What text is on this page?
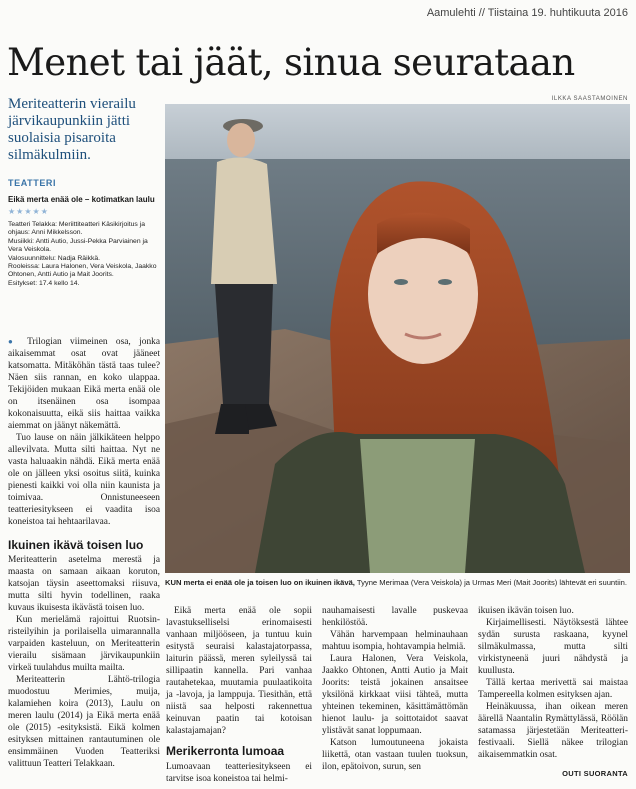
Aamulehti // Tiistaina 19. huhtikuuta 2016
Menet tai jäät, sinua seurataan
Meriteatterin vierailu järvikaupunkiin jätti suolaisia pisaroita silmäkulmiin.
ILKKA SAASTAMOINEN
KUN merta ei enää ole ja toisen luo on ikuinen ikävä, Tyyne Merimaa (Vera Veiskola) ja Urmas Meri (Mait Joorits) lähtevät eri suuntiin.
TEATTERI
Eikä merta enää ole – kotimatkan laulu
★★★★★
Teatteri Telakka: Meriittiteatteri Käsikirjoitus ja ohjaus: Anni Mikkelsson.
Musiikki: Antti Autio, Jussi-Pekka Parviainen ja Vera Veiskola.
Valosuunnittelu: Nadja Räikkä.
Rooleissa: Laura Halonen, Vera Veiskola, Jaakko Ohtonen, Antti Autio ja Mait Joorits.
Esitykset: 17.4 kello 14.

● Trilogian viimeinen osa, jonka aikaisemmat osat ovat jääneet katsomatta. Mitäköhän tästä taas tulee? Näen siis rannan, en koko ulappaa. Tekijöiden mukaan Eikä merta enää ole on itsenäinen osa isompaa kokonaisuutta, eikä siis haittaa vaikka aiemmat on jäänyt näkemättä.

Tuo lause on näin jälkikäteen helppo allevilvata. Mutta silti haittaa. Nyt ne vasta haluaakin nähdä. Eikä merta enää ole on jälleen yksi osoitus siitä, kuinka pienesti kaikki voi olla niin kaunista ja toimivaa. Onnistuneeseen teatteriesitykseen ei vaadita isoa koneistoa tai hehtaarilavaa.

Ikuinen ikävä toisen luo

Meriteatterin asetelma merestä ja maasta on samaan aikaan koruton, katsojan täysin aseettomaksi riisuva, mutta silti hyvin todellinen, raaka kuvaus ikuisesta ikävästä toisen luo.

Kun merielämä rajoittui Ruotsin-risteilyihin ja porilaisella uimarannalla varpaiden kasteluun, on Meriteatterin vierailu sisämaan järvikaupunkiin virkeä tuulahdus muilta mailta.

Meriteatterin Lähtö-trilogia muodostuu Merimies, muija, kalamiehen koira (2013), Laulu on meren laulu (2014) ja Eikä merta enää ole (2015) -esityksistä. Eikä kolmen esityksen mittainen rantautuminen ole ensimmäinen Vuoden Teatteriksi valittuun Teatteri Telakkaan.

Eikä merta enää ole sopii lavastukselliselsi erinomaisesti vanhaan miljööseen, ja tuntuu kuin esitystä seuraisi kalastajatorpassa, laiturin päässä, meren syleilyssä tai sillipaatin kannella. Pari vanhaa rautahetekaa, muutamia puulaatikoita ja -lavoja, ja lamppuja. Tiesithän, että niistä saa helposti rakennettua keinuvan paatin tai kotoisan kalastajamajan?

Merikerronta lumoaa

Lumoavaan teatteriesitykseen ei tarvitse isoa koneistoa tai helmi-

nauhamaisesti lavalle puskevaa henkilöstöä.

Vähän harvempaan helminauhaan mahtuu isompia, hohtavampia helmiä.

Laura Halonen, Vera Veiskola, Jaakko Ohtonen, Antti Autio ja Mait Joorits: teistä jokainen ansaitsee yksilönä kirkkaat viisi tähteä, mutta yhteinen tekeminen, käsittämättömän hienot laulu- ja soittotaidot saavat ylistävät sanat loppumaan.

Katson lumoutuneena jokaista liikettä, otan vastaan tuulen tuoksun, ilon, epätoivon, surun, sen

ikuisen ikävän toisen luo.

Kirjaimellisesti. Näytöksestä lähtee sydän surusta raskaana, kyynel silmäkulmassa, mutta silti virkistyneenä juuri nähdystä ja kuullusta.

Tällä kertaa merivettä sai maistaa Tampereella kolmen esityksen ajan.

Heinäkuussa, ihan oikean meren äärellä Naantalin Rymättylässä, Röölän satamassa järjestetään Meriteatteri-festivaali. Siellä näkee trilogian aikaisemmatkin osat.

OUTI SUORANTA
